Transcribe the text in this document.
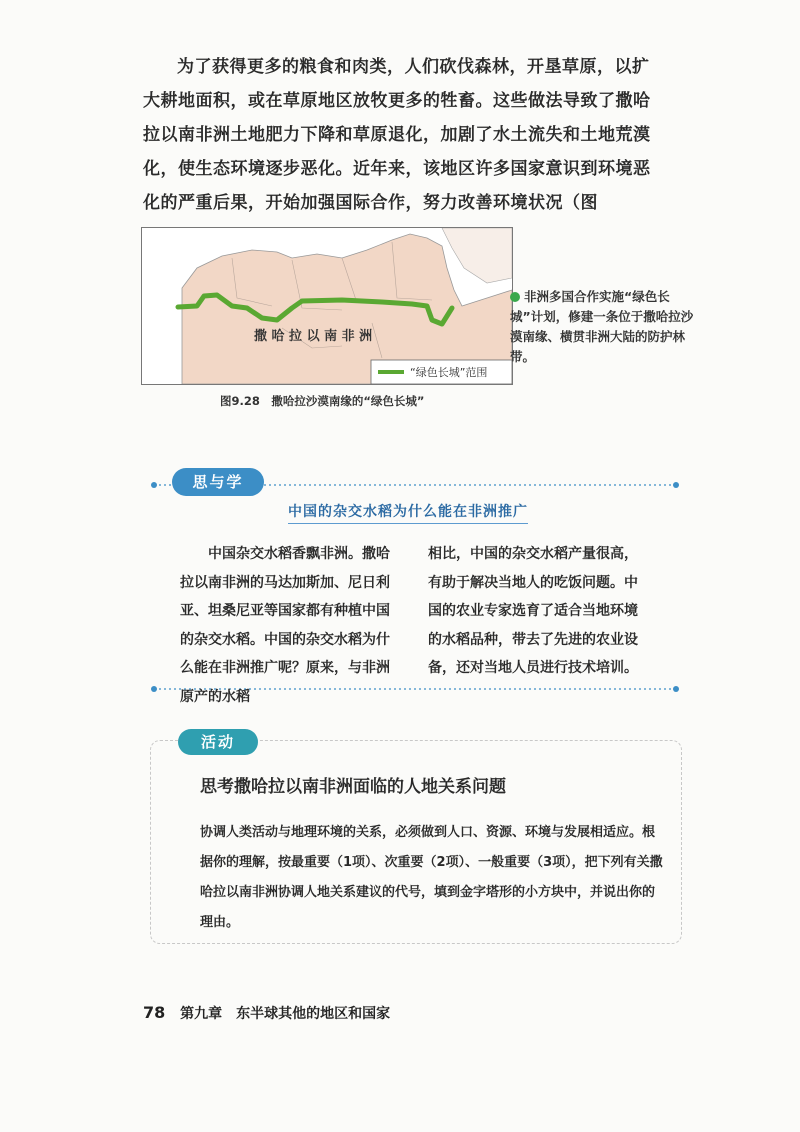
为了获得更多的粮食和肉类，人们砍伐森林，开垦草原，以扩大耕地面积，或在草原地区放牧更多的牲畜。这些做法导致了撒哈拉以南非洲土地肥力下降和草原退化，加剧了水土流失和土地荒漠化，使生态环境逐步恶化。近年来，该地区许多国家意识到环境恶化的严重后果，开始加强国际合作，努力改善环境状况（图

撒 哈 拉 以 南 非 洲
“绿色长城”范围

非洲多国合作实施“绿色长城”计划，修建一条位于撒哈拉沙漠南缘、横贯非洲大陆的防护林带。

图9.28　撒哈拉沙漠南缘的“绿色长城”
思与学
中国的杂交水稻为什么能在非洲推广

中国杂交水稻香飘非洲。撒哈拉以南非洲的马达加斯加、尼日利亚、坦桑尼亚等国家都有种植中国的杂交水稻。中国的杂交水稻为什么能在非洲推广呢？原来，与非洲原产的水稻

相比，中国的杂交水稻产量很高，有助于解决当地人的吃饭问题。中国的农业专家选育了适合当地环境的水稻品种，带去了先进的农业设备，还对当地人员进行技术培训。

活动
思考撒哈拉以南非洲面临的人地关系问题

协调人类活动与地理环境的关系，必须做到人口、资源、环境与发展相适应。根据你的理解，按最重要（1项）、次重要（2项）、一般重要（3项），把下列有关撒哈拉以南非洲协调人地关系建议的代号，填到金字塔形的小方块中，并说出你的理由。

78 第九章　东半球其他的地区和国家
